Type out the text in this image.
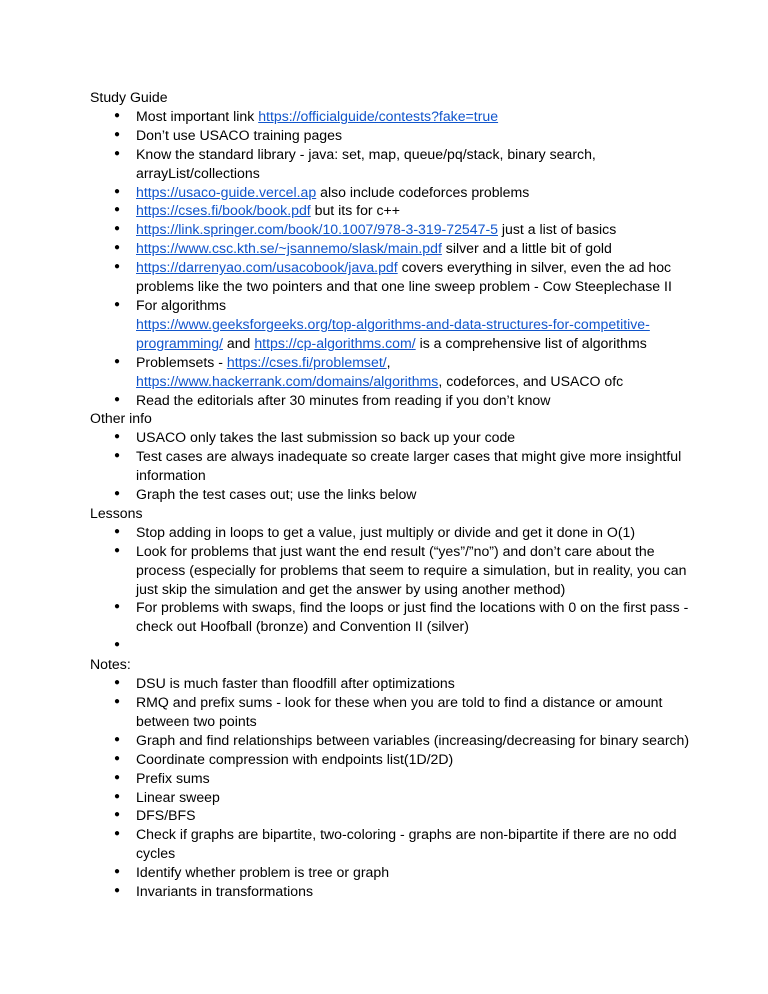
Study Guide

● Most important link https://officialguide/contests?fake=true
● Don’t use USACO training pages
● Know the standard library - java: set, map, queue/pq/stack, binary search, arrayList/collections
● https://usaco-guide.vercel.ap also include codeforces problems
● https://cses.fi/book/book.pdf but its for c++
● https://link.springer.com/book/10.1007/978-3-319-72547-5 just a list of basics
● https://www.csc.kth.se/~jsannemo/slask/main.pdf silver and a little bit of gold
● https://darrenyao.com/usacobook/java.pdf covers everything in silver, even the ad hoc problems like the two pointers and that one line sweep problem - Cow Steeplechase II
● For algorithms
https://www.geeksforgeeks.org/top-algorithms-and-data-structures-for-competitive-programming/ and https://cp-algorithms.com/ is a comprehensive list of algorithms
● Problemsets - https://cses.fi/problemset/,
https://www.hackerrank.com/domains/algorithms, codeforces, and USACO ofc
● Read the editorials after 30 minutes from reading if you don’t know

Other info

● USACO only takes the last submission so back up your code
● Test cases are always inadequate so create larger cases that might give more insightful information
● Graph the test cases out; use the links below

Lessons

● Stop adding in loops to get a value, just multiply or divide and get it done in O(1)
● Look for problems that just want the end result (“yes”/”no”) and don’t care about the process (especially for problems that seem to require a simulation, but in reality, you can just skip the simulation and get the answer by using another method)
● For problems with swaps, find the loops or just find the locations with 0 on the first pass - check out Hoofball (bronze) and Convention II (silver)
●

Notes:

● DSU is much faster than floodfill after optimizations
● RMQ and prefix sums - look for these when you are told to find a distance or amount between two points
● Graph and find relationships between variables (increasing/decreasing for binary search)
● Coordinate compression with endpoints list(1D/2D)
● Prefix sums
● Linear sweep
● DFS/BFS
● Check if graphs are bipartite, two-coloring - graphs are non-bipartite if there are no odd cycles
● Identify whether problem is tree or graph
● Invariants in transformations
